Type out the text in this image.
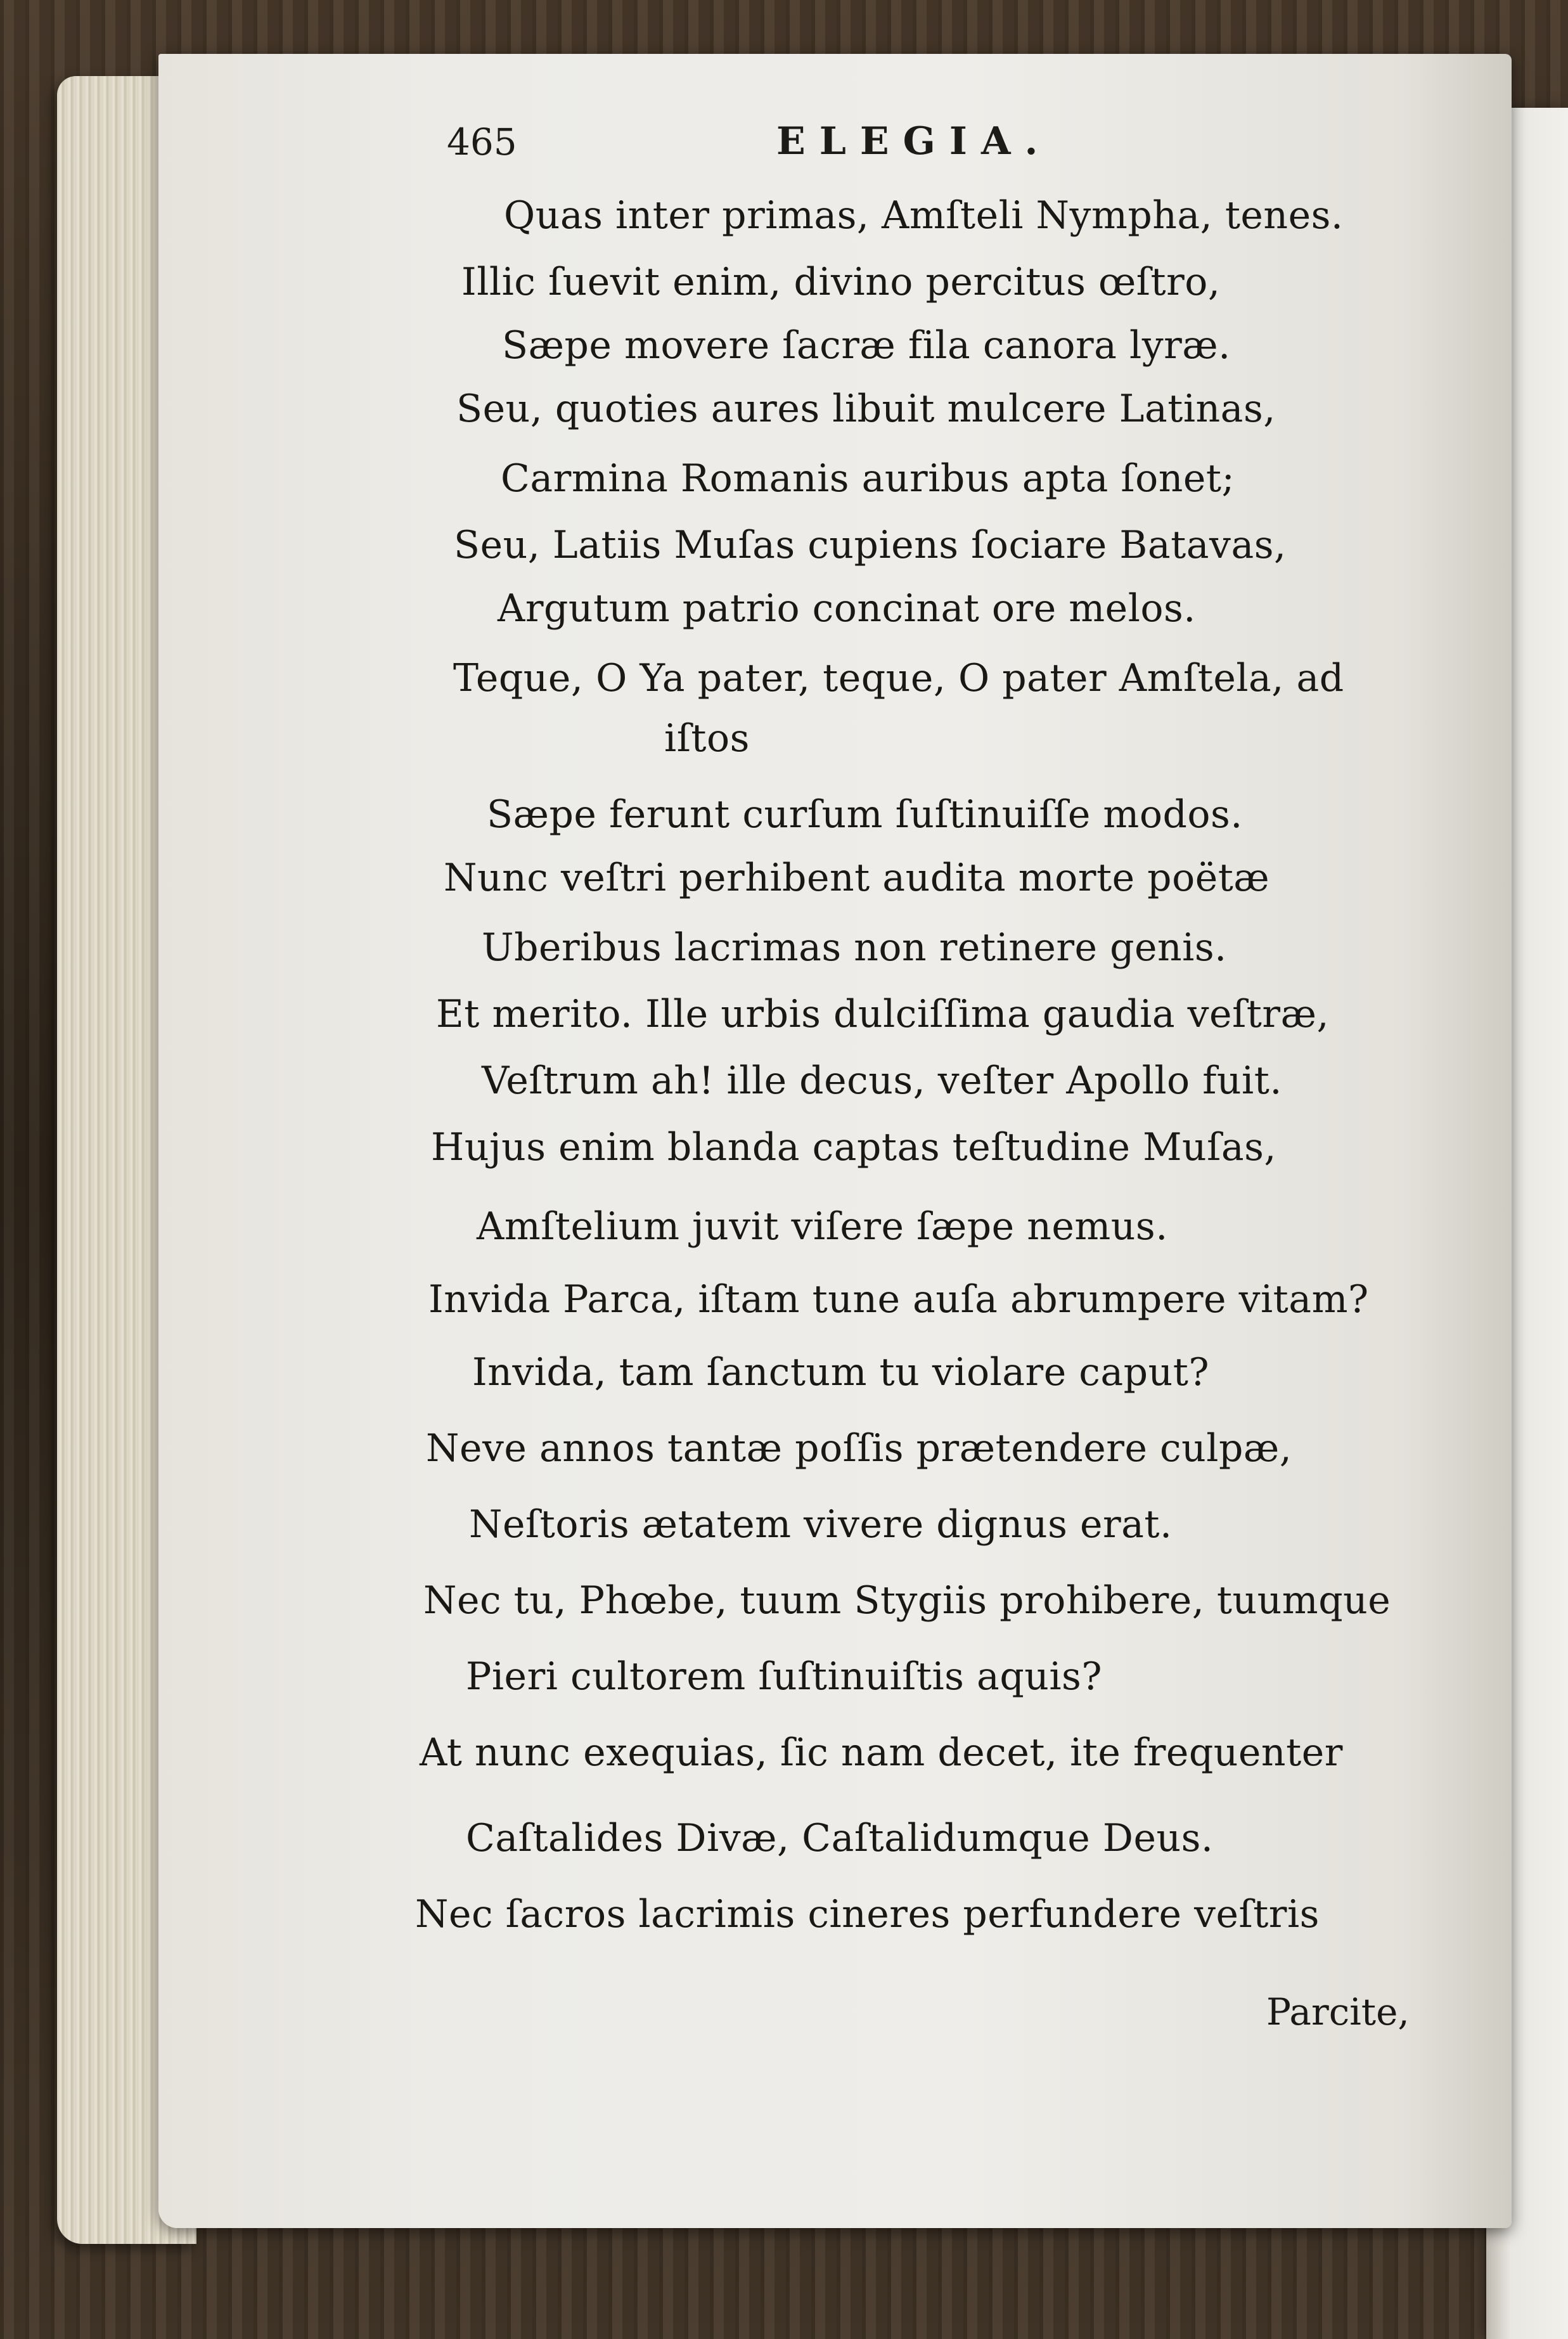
465	ELEGIA.
Quas inter primas, Amſteli Nympha, tenes.
Illic ſuevit enim, divino percitus œſtro,
Sæpe movere ſacræ fila canora lyræ.
Seu, quoties aures libuit mulcere Latinas,
Carmina Romanis auribus apta ſonet;
Seu, Latiis Muſas cupiens ſociare Batavas,
Argutum patrio concinat ore melos.
Teque, O Ya pater, teque, O pater Amſtela, ad
iſtos
Sæpe ferunt curſum ſuſtinuiſſe modos.
Nunc veſtri perhibent audita morte poëtæ
Uberibus lacrimas non retinere genis.
Et merito. Ille urbis dulciſſima gaudia veſtræ,
Veſtrum ah! ille decus, veſter Apollo fuit.
Hujus enim blanda captas teſtudine Muſas,
Amſtelium juvit viſere ſæpe nemus.
Invida Parca, iſtam tune auſa abrumpere vitam?
Invida, tam ſanctum tu violare caput?
Neve annos tantæ poſſis prætendere culpæ,
Neſtoris ætatem vivere dignus erat.
Nec tu, Phœbe, tuum Stygiis prohibere, tuumque
Pieri cultorem ſuſtinuiſtis aquis?
At nunc exequias, ſic nam decet, ite frequenter
Caſtalides Divæ, Caſtalidumque Deus.
Nec ſacros lacrimis cineres perfundere veſtris
Parcite,
